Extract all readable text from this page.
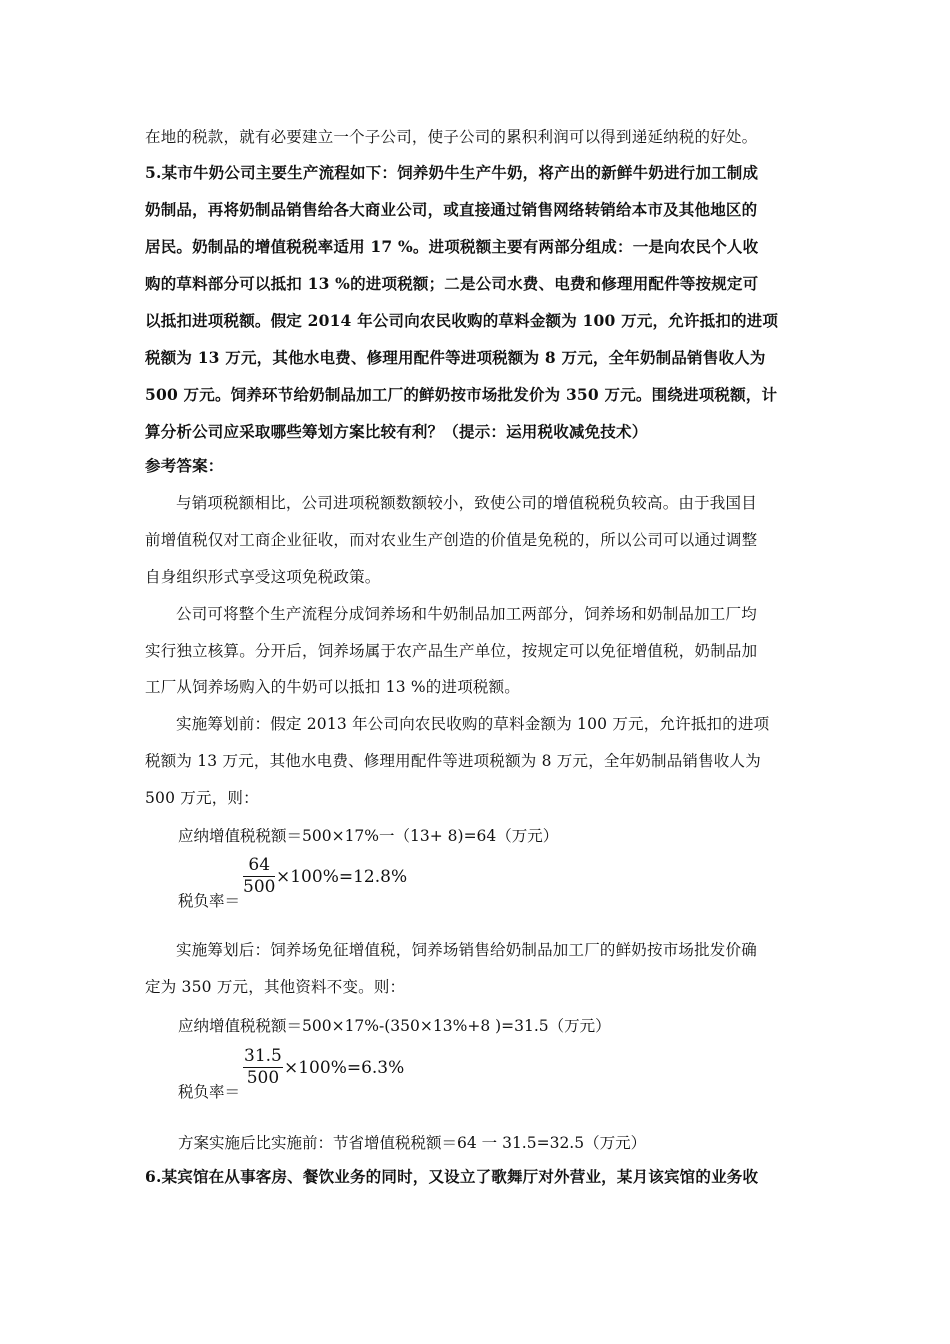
在地的税款，就有必要建立一个子公司，使子公司的累积利润可以得到递延纳税的好处。
5.某市牛奶公司主要生产流程如下：饲养奶牛生产牛奶，将产出的新鲜牛奶进行加工制成
奶制品，再将奶制品销售给各大商业公司，或直接通过销售网络转销给本市及其他地区的
居民。奶制品的增值税税率适用 17 %。进项税额主要有两部分组成：一是向农民个人收
购的草料部分可以抵扣 13 %的进项税额；二是公司水费、电费和修理用配件等按规定可
以抵扣进项税额。假定 2014 年公司向农民收购的草料金额为 100 万元，允许抵扣的进项
税额为 13 万元，其他水电费、修理用配件等进项税额为 8 万元，全年奶制品销售收人为
500 万元。饲养环节给奶制品加工厂的鲜奶按市场批发价为 350 万元。围绕进项税额，计
算分析公司应采取哪些筹划方案比较有利？（提示：运用税收减免技术）
参考答案：
与销项税额相比，公司进项税额数额较小，致使公司的增值税税负较高。由于我国目
前增值税仅对工商企业征收，而对农业生产创造的价值是免税的，所以公司可以通过调整
自身组织形式享受这项免税政策。
公司可将整个生产流程分成饲养场和牛奶制品加工两部分，饲养场和奶制品加工厂均
实行独立核算。分开后，饲养场属于农产品生产单位，按规定可以免征增值税，奶制品加
工厂从饲养场购入的牛奶可以抵扣 13 %的进项税额。
实施筹划前：假定 2013 年公司向农民收购的草料金额为 100 万元，允许抵扣的进项
税额为 13 万元，其他水电费、修理用配件等进项税额为 8 万元，全年奶制品销售收人为
500 万元，则：
应纳增值税税额＝500×17%一（13+ 8)=64（万元）
$\frac{64}{500} \times 100\%=12.8\%$
税负率＝
实施筹划后：饲养场免征增值税，饲养场销售给奶制品加工厂的鲜奶按市场批发价确
定为 350 万元，其他资料不变。则：
应纳增值税税额＝500×17%-(350×13%+8 )=31.5（万元）
$\frac{31.5}{500} \times 100\%=6.3\%$
税负率＝
方案实施后比实施前：节省增值税税额＝64 一 31.5=32.5（万元）
6.某宾馆在从事客房、餐饮业务的同时，又设立了歌舞厅对外营业，某月该宾馆的业务收
